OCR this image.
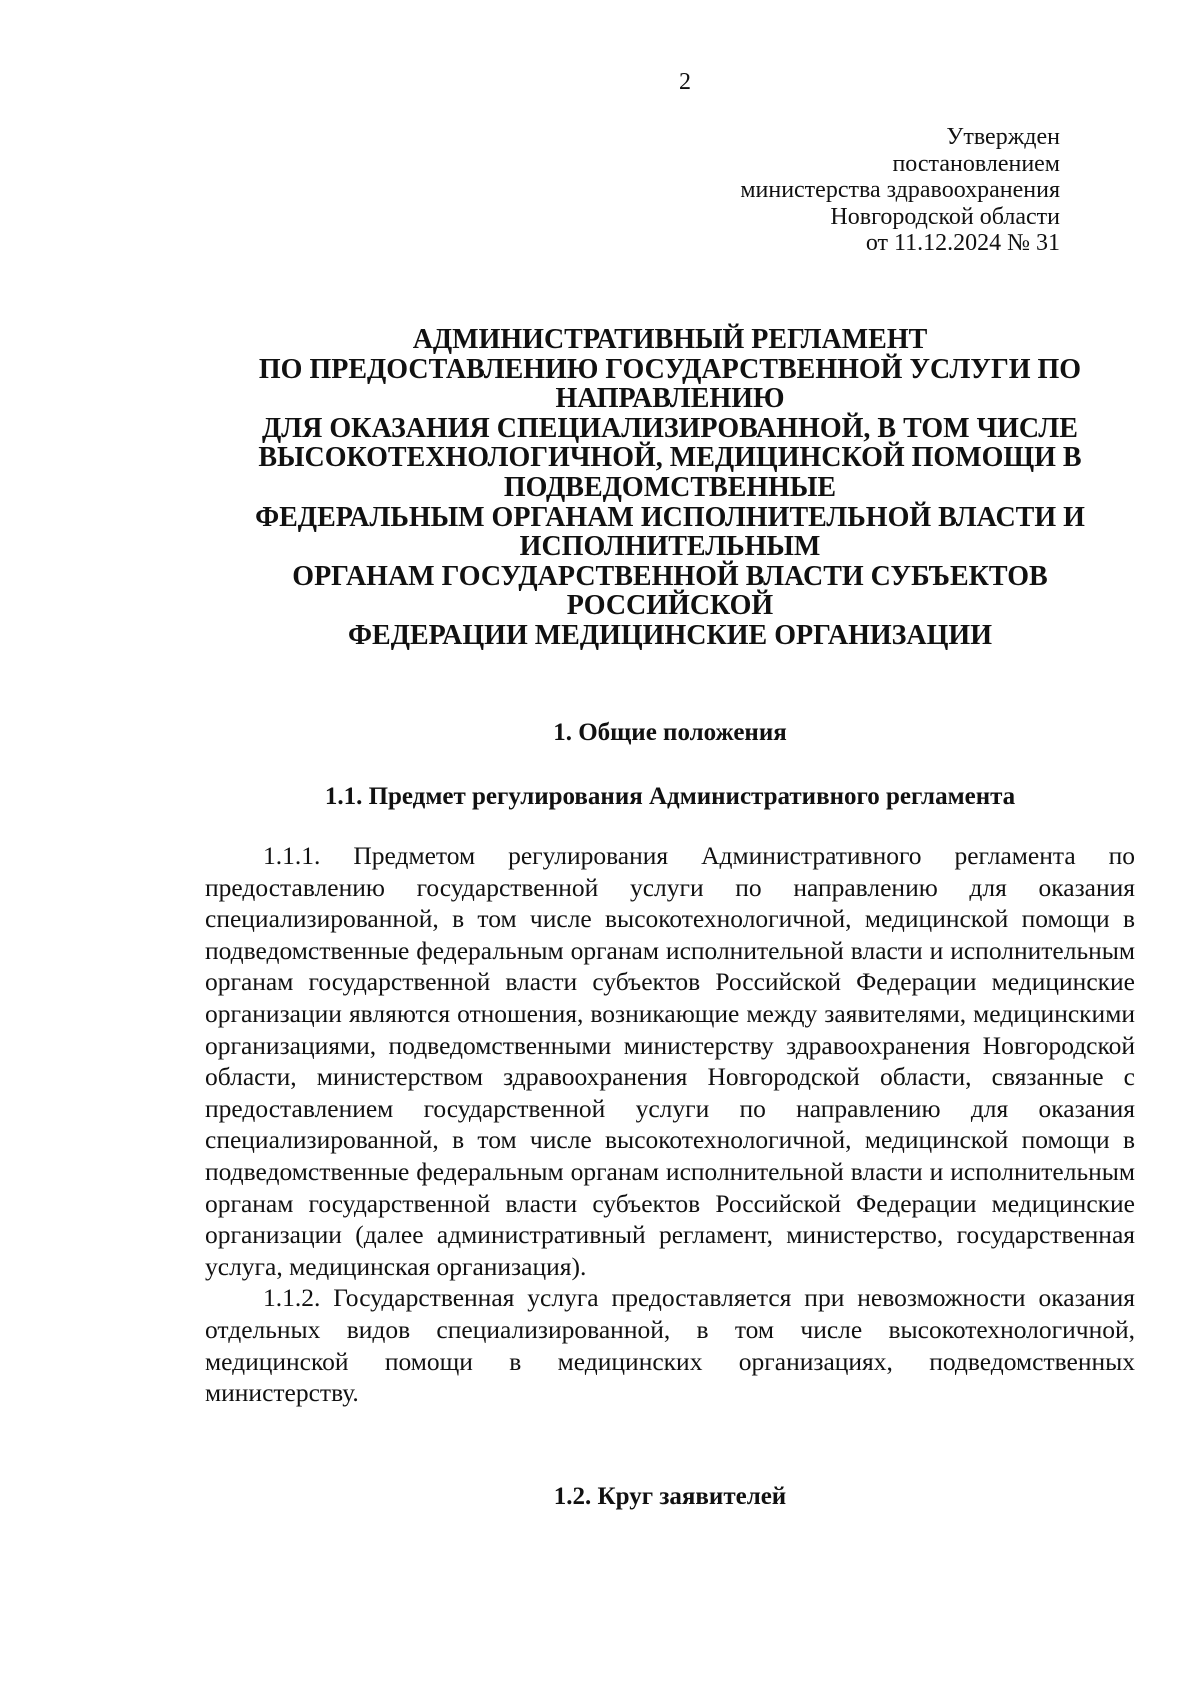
2
Утвержден
постановлением
министерства здравоохранения
Новгородской области
от 11.12.2024 № 31
АДМИНИСТРАТИВНЫЙ РЕГЛАМЕНТ
ПО ПРЕДОСТАВЛЕНИЮ ГОСУДАРСТВЕННОЙ УСЛУГИ ПО
НАПРАВЛЕНИЮ
ДЛЯ ОКАЗАНИЯ СПЕЦИАЛИЗИРОВАННОЙ, В ТОМ ЧИСЛЕ
ВЫСОКОТЕХНОЛОГИЧНОЙ, МЕДИЦИНСКОЙ ПОМОЩИ В
ПОДВЕДОМСТВЕННЫЕ
ФЕДЕРАЛЬНЫМ ОРГАНАМ ИСПОЛНИТЕЛЬНОЙ ВЛАСТИ И
ИСПОЛНИТЕЛЬНЫМ
ОРГАНАМ ГОСУДАРСТВЕННОЙ ВЛАСТИ СУБЪЕКТОВ
РОССИЙСКОЙ
ФЕДЕРАЦИИ МЕДИЦИНСКИЕ ОРГАНИЗАЦИИ
1. Общие положения
1.1. Предмет регулирования Административного регламента

1.1.1. Предметом регулирования Административного регламента по предоставлению государственной услуги по направлению для оказания специализированной, в том числе высокотехнологичной, медицинской помощи в подведомственные федеральным органам исполнительной власти и исполнительным органам государственной власти субъектов Российской Федерации медицинские организации являются отношения, возникающие между заявителями, медицинскими организациями, подведомственными министерству здравоохранения Новгородской области, министерством здравоохранения Новгородской области, связанные с предоставлением государственной услуги по направлению для оказания специализированной, в том числе высокотехнологичной, медицинской помощи в подведомственные федеральным органам исполнительной власти и исполнительным органам государственной власти субъектов Российской Федерации медицинские организации (далее административный регламент, министерство, государственная услуга, медицинская организация).

1.1.2. Государственная услуга предоставляется при невозможности оказания отдельных видов специализированной, в том числе высокотехнологичной, медицинской помощи в медицинских организациях, подведомственных министерству.

1.2. Круг заявителей
